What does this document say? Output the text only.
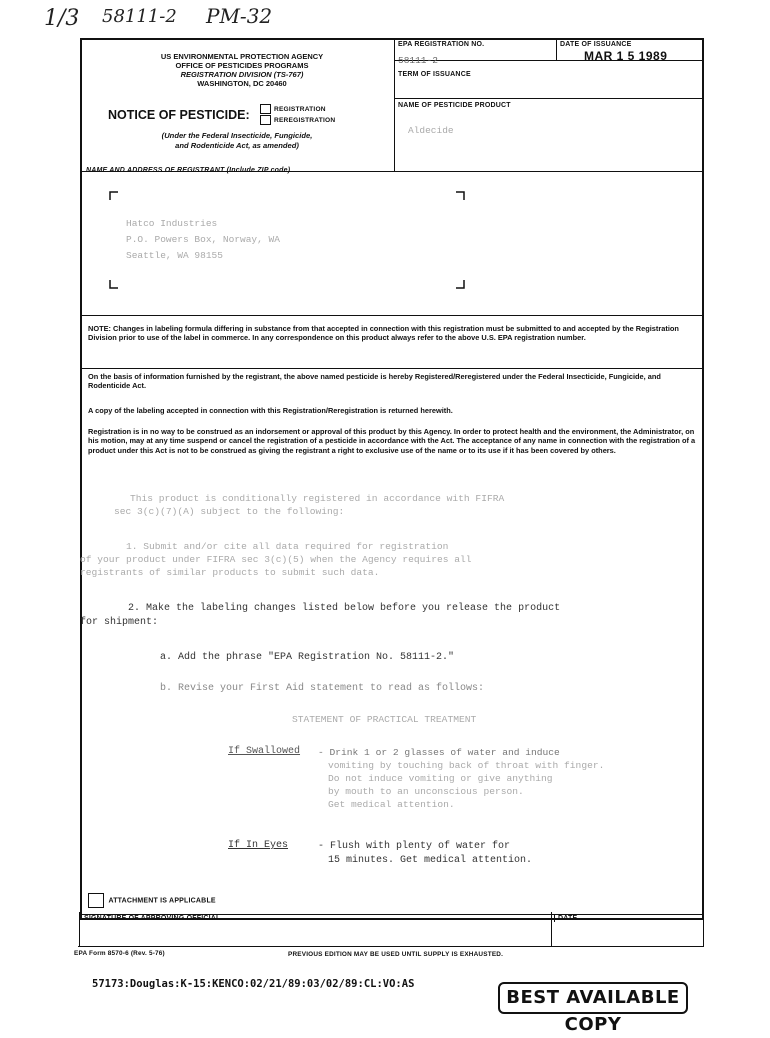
1/3 58111-2 PM-32
US ENVIRONMENTAL PROTECTION AGENCY
OFFICE OF PESTICIDES PROGRAMS
REGISTRATION DIVISION (TS-767)
WASHINGTON, DC 20460
NOTICE OF PESTICIDE:	REGISTRATION
REREGISTRATION
(Under the Federal Insecticide, Fungicide,
and Rodenticide Act, as amended)
EPA REGISTRATION NO.
58111-2
DATE OF ISSUANCE
MAR 1 5 1989
TERM OF ISSUANCE
NAME OF PESTICIDE PRODUCT
Aldecide
NAME AND ADDRESS OF REGISTRANT (Include ZIP code)
Hatco Industries
P.O. Powers Box, Norway, WA
Seattle, WA 98155
NOTE: Changes in labeling formula differing in substance from that accepted in connection with this registration must be submitted to and accepted by the Registration Division prior to use of the label in commerce. In any correspondence on this product always refer to the above U.S. EPA registration number.
On the basis of information furnished by the registrant, the above named pesticide is hereby Registered/Reregistered under the Federal Insecticide, Fungicide, and Rodenticide Act.
A copy of the labeling accepted in connection with this Registration/Reregistration is returned herewith.
Registration is in no way to be construed as an indorsement or approval of this product by this Agency. In order to protect health and the environment, the Administrator, on his motion, may at any time suspend or cancel the registration of a pesticide in accordance with the Act. The acceptance of any name in connection with the registration of a product under this Act is not to be construed as giving the registrant a right to exclusive use of the name or to its use if it has been covered by others.
This product is conditionally registered in accordance with FIFRA
sec 3(c)(7)(A) subject to the following:
1. Submit and/or cite all data required for registration
of your product under FIFRA sec 3(c)(5) when the Agency requires all
registrants of similar products to submit such data.
2. Make the labeling changes listed below before you release the product
for shipment:
a. Add the phrase "EPA Registration No. 58111-2."
b. Revise your First Aid statement to read as follows:
STATEMENT OF PRACTICAL TREATMENT
If Swallowed - Drink 1 or 2 glasses of water and induce
vomiting by touching back of throat with finger.
Do not induce vomiting or give anything
by mouth to an unconscious person.
Get medical attention.
If In Eyes	- Flush with plenty of water for
15 minutes. Get medical attention.
ATTACHMENT IS APPLICABLE
SIGNATURE OF APPROVING OFFICIAL	DATE
EPA Form 8570-6 (Rev. 5-76)	PREVIOUS EDITION MAY BE USED UNTIL SUPPLY IS EXHAUSTED.
57173:Douglas:K-15:KENCO:02/21/89:03/02/89:CL:VO:AS
BEST AVAILABLE COPY
